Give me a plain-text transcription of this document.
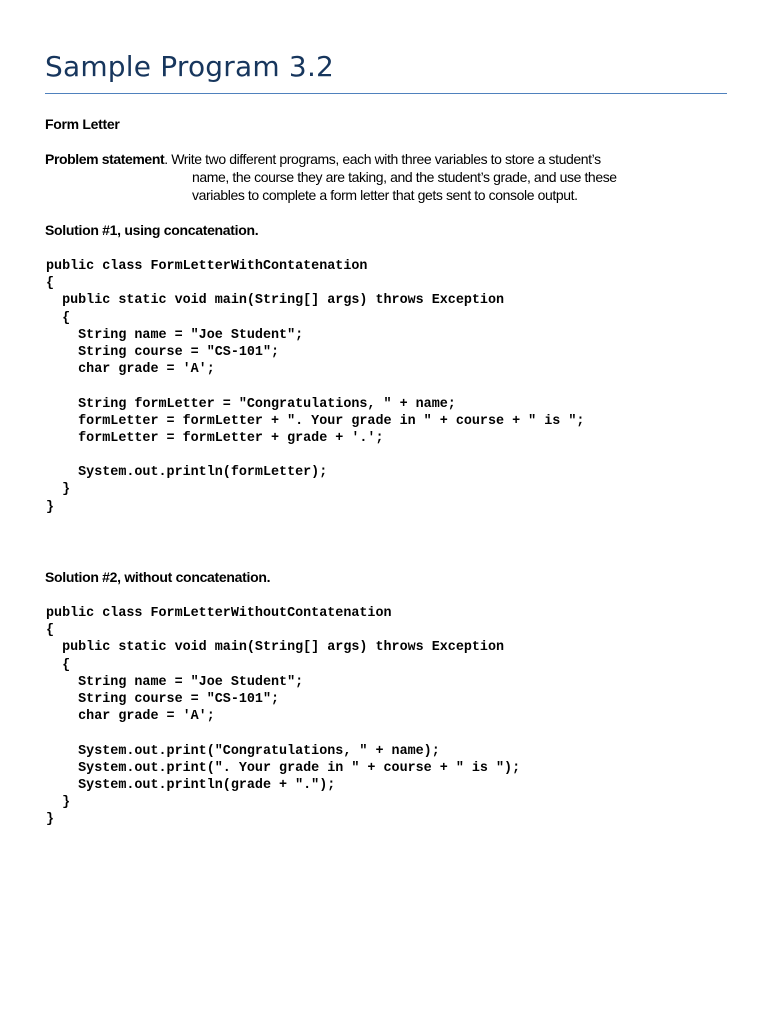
Sample Program 3.2

Form Letter

Problem statement. Write two different programs, each with three variables to store a student’s
name, the course they are taking, and the student’s grade, and use these
variables to complete a form letter that gets sent to console output.

Solution #1, using concatenation.

public class FormLetterWithContatenation
{
public static void main(String[] args) throws Exception
{
String name = "Joe Student";
String course = "CS-101";
char grade = 'A';
String formLetter = "Congratulations, " + name;
formLetter = formLetter + ". Your grade in " + course + " is ";
formLetter = formLetter + grade + '.';
System.out.println(formLetter);
}
}

Solution #2, without concatenation.

public class FormLetterWithoutContatenation
{
public static void main(String[] args) throws Exception
{
String name = "Joe Student";
String course = "CS-101";
char grade = 'A';
System.out.print("Congratulations, " + name);
System.out.print(". Your grade in " + course + " is ");
System.out.println(grade + ".");
}
}
